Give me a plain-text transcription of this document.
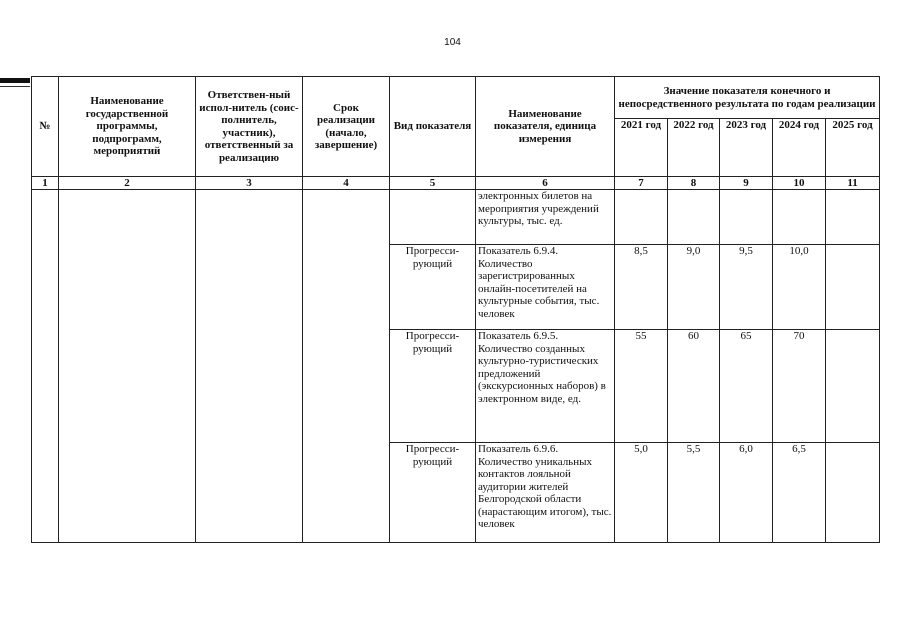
104
№	Наименование государственной программы, подпрограмм, мероприятий	Ответствен-ный испол-нитель (соис-полнитель, участник), ответственный за реализацию	Срок реализации (начало, завершение)	Вид показателя	Наименование показателя, единица измерения	Значение показателя конечного и непосредственного результата по годам реализации				
						2021 год	2022 год	2023 год	2024 год	2025 год
1	2	3	4	5	6	7	8	9	10	11
					электронных билетов на мероприятия учреждений культуры, тыс. ед.					
				Прогресси-рующий	Показатель 6.9.4. Количество зарегистрированных онлайн-посетителей на культурные события, тыс. человек	8,5	9,0	9,5	10,0	
				Прогресси-рующий	Показатель 6.9.5. Количество созданных культурно-туристических предложений (экскурсионных наборов) в электронном виде, ед.	55	60	65	70	
				Прогресси-рующий	Показатель 6.9.6. Количество уникальных контактов лояльной аудитории жителей Белгородской области (нарастающим итогом), тыс. человек	5,0	5,5	6,0	6,5	
